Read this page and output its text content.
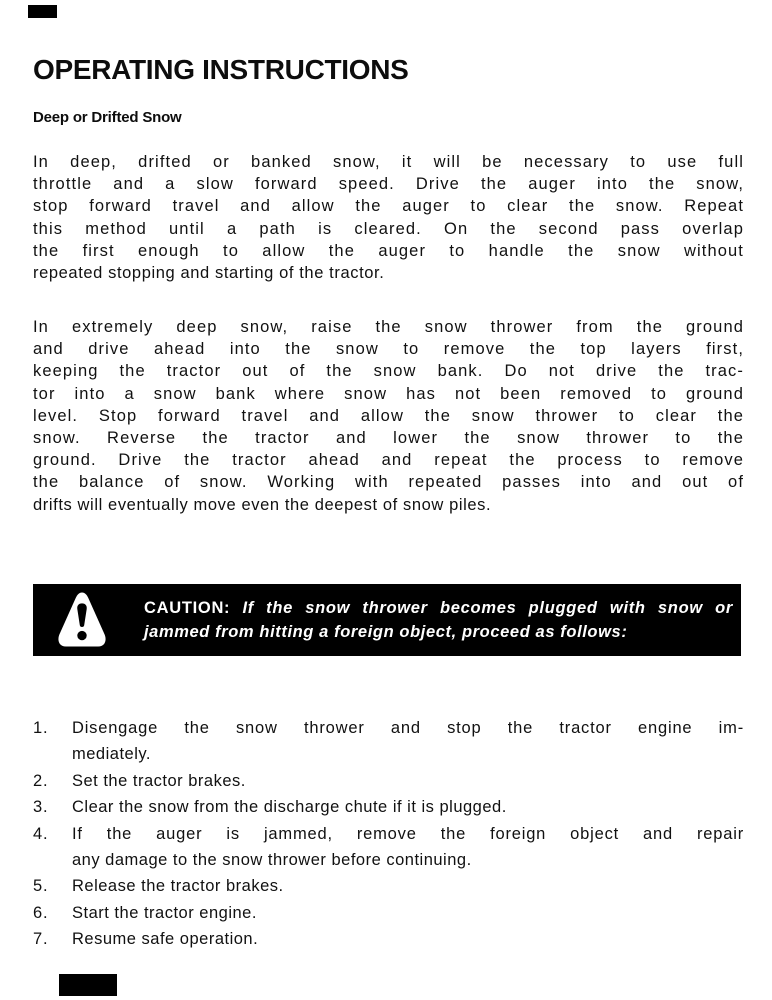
OPERATING INSTRUCTIONS
Deep or Drifted Snow
In deep, drifted or banked snow, it will be necessary to use full
throttle and a slow forward speed. Drive the auger into the snow,
stop forward travel and allow the auger to clear the snow. Repeat
this method until a path is cleared. On the second pass overlap
the first enough to allow the auger to handle the snow without
repeated stopping and starting of the tractor.
In extremely deep snow, raise the snow thrower from the ground
and drive ahead into the snow to remove the top layers first,
keeping the tractor out of the snow bank. Do not drive the trac-
tor into a snow bank where snow has not been removed to ground
level. Stop forward travel and allow the snow thrower to clear the
snow. Reverse the tractor and lower the snow thrower to the
ground. Drive the tractor ahead and repeat the process to remove
the balance of snow. Working with repeated passes into and out of
drifts will eventually move even the deepest of snow piles.
CAUTION: If the snow thrower becomes plugged with snow or
jammed from hitting a foreign object, proceed as follows:
1.	Disengage the snow thrower and stop the tractor engine im-
mediately.
2.	Set the tractor brakes.
3.	Clear the snow from the discharge chute if it is plugged.
4.	If the auger is jammed, remove the foreign object and repair
any damage to the snow thrower before continuing.
5.	Release the tractor brakes.
6.	Start the tractor engine.
7.	Resume safe operation.
